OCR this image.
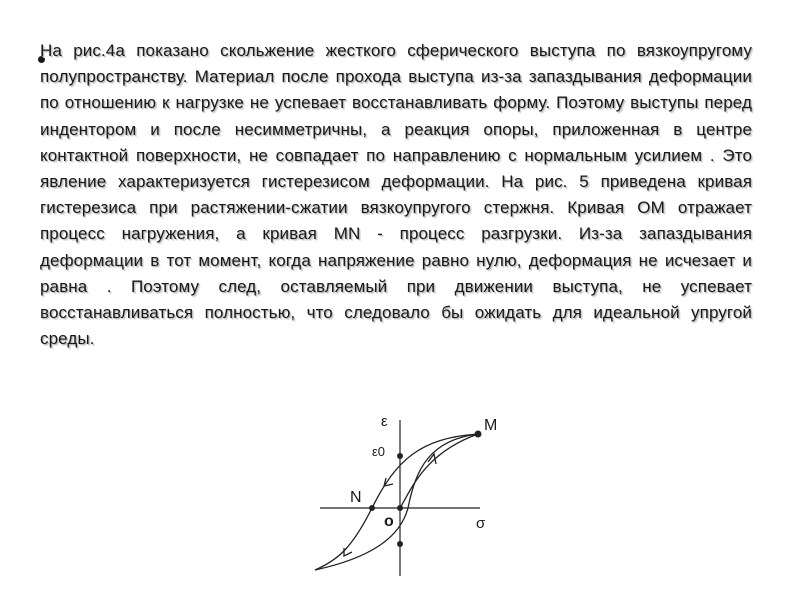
На рис.4а показано скольжение жесткого сферического выступа по вязкоупругому полупространству. Материал после прохода выступа из-за запаздывания деформации по отношению к нагрузке не успевает восстанавливать форму. Поэтому выступы перед индентором и после несимметричны, а реакция опоры, приложенная в центре контактной поверхности, не совпадает по направлению с нормальным усилием . Это явление характеризуется гистерезисом деформации. На рис. 5 приведена кривая гистерезиса при растяжении-сжатии вязкоупругого стержня. Кривая ОМ отражает процесс нагружения, а кривая MN - процесс разгрузки. Из-за запаздывания деформации в тот момент, когда напряжение равно нулю, деформация не исчезает и равна . Поэтому след, оставляемый при движении выступа, не успевает восстанавливаться полностью, что следовало бы ожидать для идеальной упругой среды.

ε
ε0
M
N
о	σ
